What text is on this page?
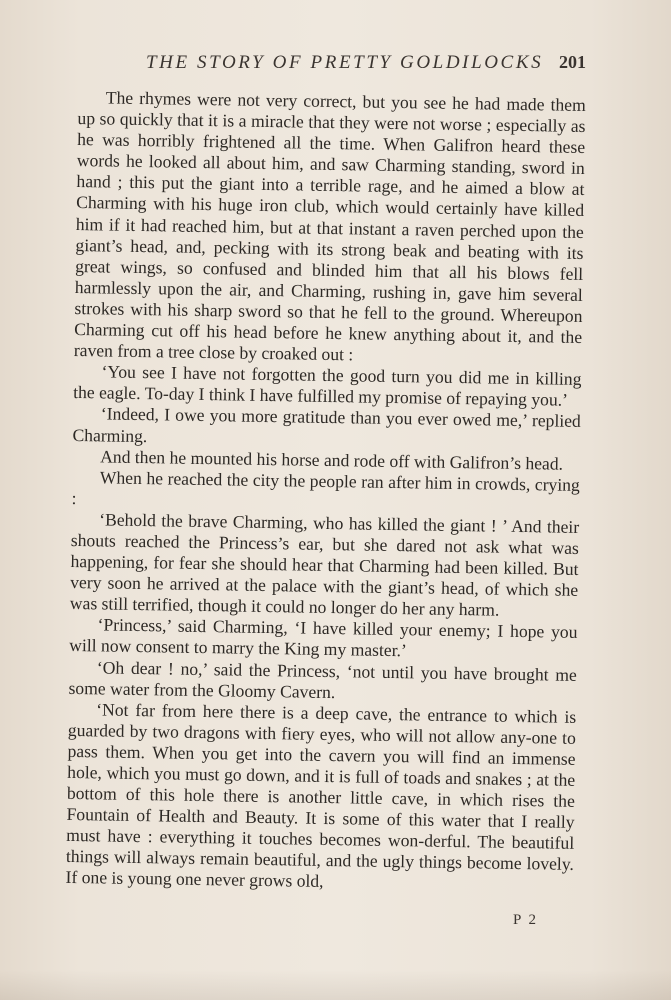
THE STORY OF PRETTY GOLDILOCKS 201

The rhymes were not very correct, but you see he had made them up so quickly that it is a miracle that they were not worse ; especially as he was horribly frightened all the time. When Galifron heard these words he looked all about him, and saw Charming standing, sword in hand ; this put the giant into a terrible rage, and he aimed a blow at Charming with his huge iron club, which would certainly have killed him if it had reached him, but at that instant a raven perched upon the giant’s head, and, pecking with its strong beak and beating with its great wings, so confused and blinded him that all his blows fell harmlessly upon the air, and Charming, rushing in, gave him several strokes with his sharp sword so that he fell to the ground. Whereupon Charming cut off his head before he knew anything about it, and the raven from a tree close by croaked out :

‘You see I have not forgotten the good turn you did me in killing the eagle. To-day I think I have fulfilled my promise of repaying you.’

‘Indeed, I owe you more gratitude than you ever owed me,’ replied Charming.

And then he mounted his horse and rode off with Galifron’s head.

When he reached the city the people ran after him in crowds, crying :

‘Behold the brave Charming, who has killed the giant ! ’ And their shouts reached the Princess’s ear, but she dared not ask what was happening, for fear she should hear that Charming had been killed. But very soon he arrived at the palace with the giant’s head, of which she was still terrified, though it could no longer do her any harm.

‘Princess,’ said Charming, ‘I have killed your enemy; I hope you will now consent to marry the King my master.’

‘Oh dear ! no,’ said the Princess, ‘not until you have brought me some water from the Gloomy Cavern.

‘Not far from here there is a deep cave, the entrance to which is guarded by two dragons with fiery eyes, who will not allow any-one to pass them. When you get into the cavern you will find an immense hole, which you must go down, and it is full of toads and snakes ; at the bottom of this hole there is another little cave, in which rises the Fountain of Health and Beauty. It is some of this water that I really must have : everything it touches becomes won-derful. The beautiful things will always remain beautiful, and the ugly things become lovely. If one is young one never grows old,

P 2
